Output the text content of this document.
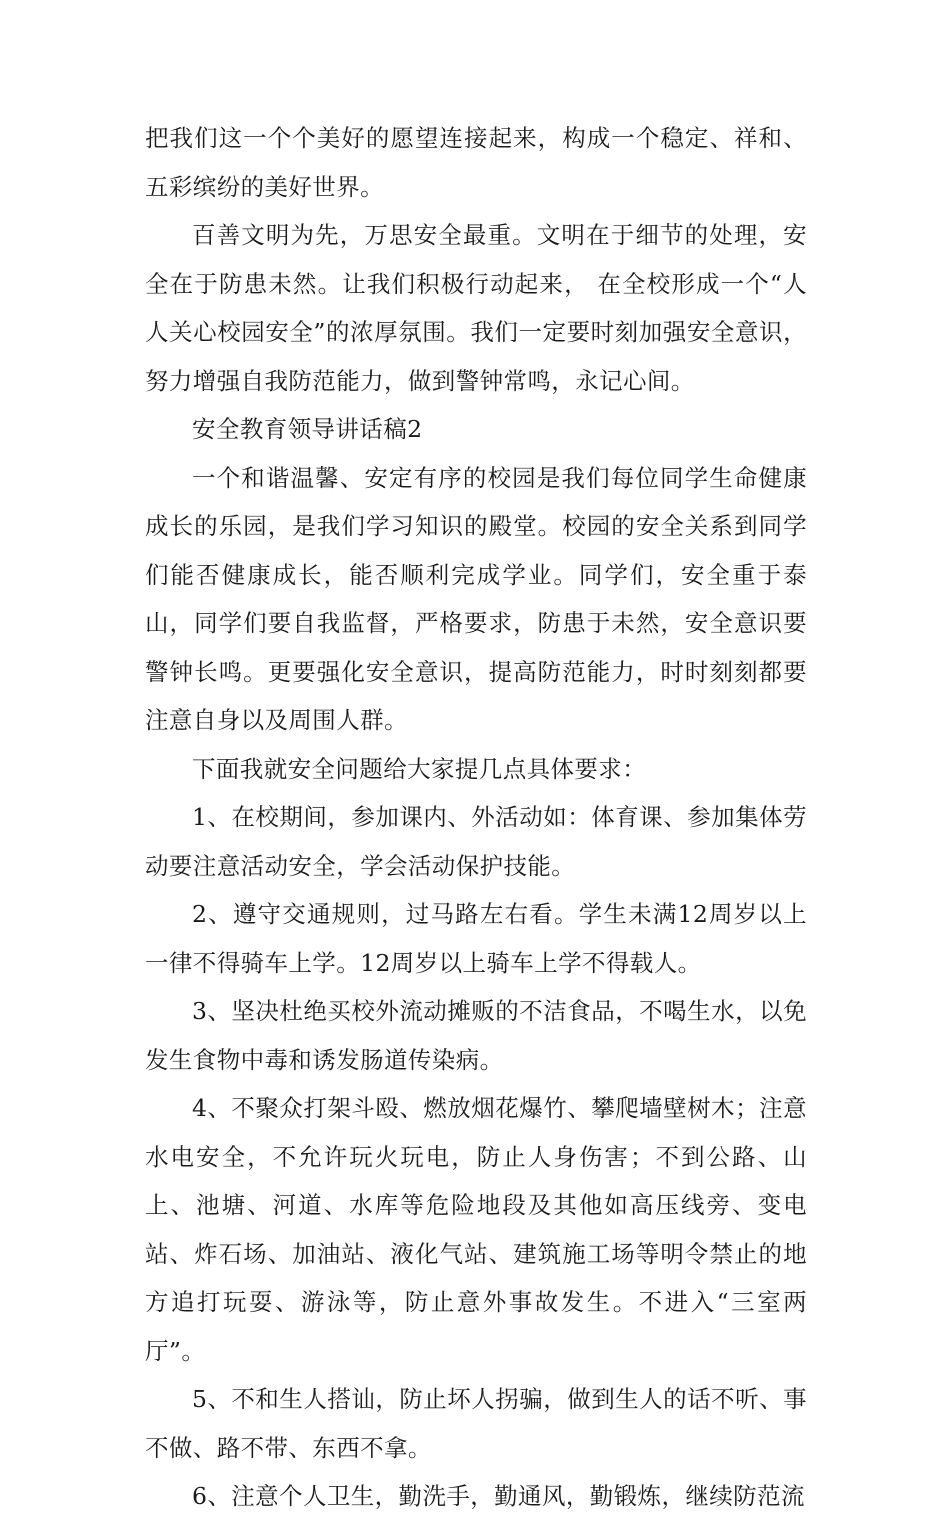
把我们这一个个美好的愿望连接起来，构成一个稳定、祥和、五彩缤纷的美好世界。

百善文明为先，万思安全最重。文明在于细节的处理，安全在于防患未然。让我们积极行动起来， 在全校形成一个“人人关心校园安全”的浓厚氛围。我们一定要时刻加强安全意识，努力增强自我防范能力，做到警钟常鸣，永记心间。

安全教育领导讲话稿2

一个和谐温馨、安定有序的校园是我们每位同学生命健康成长的乐园，是我们学习知识的殿堂。校园的安全关系到同学们能否健康成长，能否顺利完成学业。同学们，安全重于泰山，同学们要自我监督，严格要求，防患于未然，安全意识要警钟长鸣。更要强化安全意识，提高防范能力，时时刻刻都要注意自身以及周围人群。

下面我就安全问题给大家提几点具体要求：

1、在校期间，参加课内、外活动如：体育课、参加集体劳动要注意活动安全，学会活动保护技能。

2、遵守交通规则，过马路左右看。学生未满12周岁以上一律不得骑车上学。12周岁以上骑车上学不得载人。

3、坚决杜绝买校外流动摊贩的不洁食品，不喝生水，以免发生食物中毒和诱发肠道传染病。

4、不聚众打架斗殴、燃放烟花爆竹、攀爬墙壁树木；注意水电安全，不允许玩火玩电，防止人身伤害；不到公路、山上、池塘、河道、水库等危险地段及其他如高压线旁、变电站、炸石场、加油站、液化气站、建筑施工场等明令禁止的地方追打玩耍、游泳等，防止意外事故发生。不进入“三室两厅”。

5、不和生人搭讪，防止坏人拐骗，做到生人的话不听、事不做、路不带、东西不拿。

6、注意个人卫生，勤洗手，勤通风，勤锻炼，继续防范流
